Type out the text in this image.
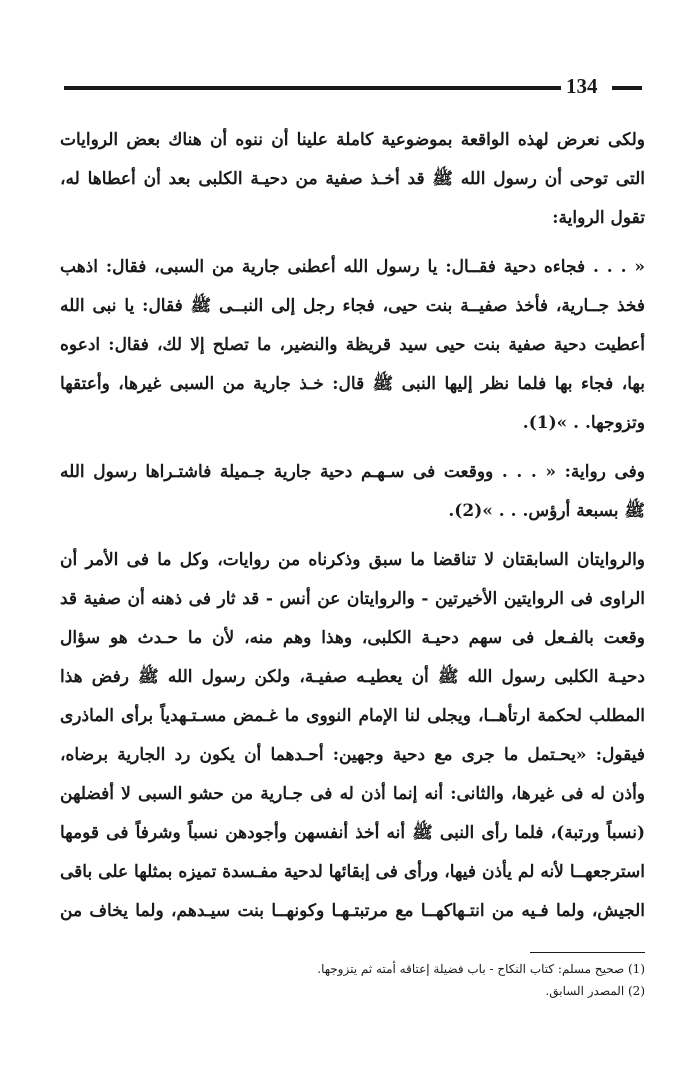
134
ولكى نعرض لهذه الواقعة بموضوعية كاملة علينا أن ننوه أن هناك بعض الروايات
التى توحى أن رسول الله ﷺ قد أخـذ صفية من دحيـة الكلبى بعد أن أعطاها له،
تقول الرواية:
« . . . فجاءه دحية فقــال: يا رسول الله أعطنى جارية من السبى، فقال: اذهب
فخذ جــارية، فأخذ صفيــة بنت حيى، فجاء رجل إلى النبــى ﷺ فقال: يا نبى الله
أعطيت دحية صفية بنت حيى سيد قريظة والنضير، ما تصلح إلا لك، فقال: ادعوه
بها، فجاء بها فلما نظر إليها النبى ﷺ قال: خـذ جارية من السبى غيرها، وأعتقها
وتزوجها. . »(1).
وفى رواية: « . . . ووقعت فى سـهـم دحية جارية جـميلة فاشتـراها رسول الله
ﷺ بسبعة أرؤس. . . »(2).
والروايتان السابقتان لا تناقضا ما سبق وذكرناه من روايات، وكل ما فى الأمر أن
الراوى فى الروايتين الأخيرتين - والروايتان عن أنس - قد ثار فى ذهنه أن صفية قد
وقعت بالفـعل فى سهم دحيـة الكلبى، وهذا وهم منه، لأن ما حـدث هو سؤال
دحيـة الكلبى رسول الله ﷺ أن يعطيـه صفيـة، ولكن رسول الله ﷺ رفض هذا
المطلب لحكمة ارتأهــا، ويجلى لنا الإمام النووى ما غـمض مسـتـهدياً برأى الماذرى
فيقول: «يحـتمل ما جرى مع دحية وجهين: أحـدهما أن يكون رد الجارية برضاه،
وأذن له فى غيرها، والثانى: أنه إنما أذن له فى جـارية من حشو السبى لا أفضلهن
(نسباً ورتبة)، فلما رأى النبى ﷺ أنه أخذ أنفسهن وأجودهن نسباً وشرفاً فى قومها
استرجعهــا لأنه لم يأذن فيها، ورأى فى إبقائها لدحية مفـسدة تميزه بمثلها على باقى
الجيش، ولما فـيه من انتـهاكهــا مع مرتبتـهـا وكونهــا بنت سيـدهم، ولما يخاف من
(1) صحيح مسلم: كتاب النكاح - باب فضيلة إعتاقه أمته ثم يتزوجها.
(2) المصدر السابق.
